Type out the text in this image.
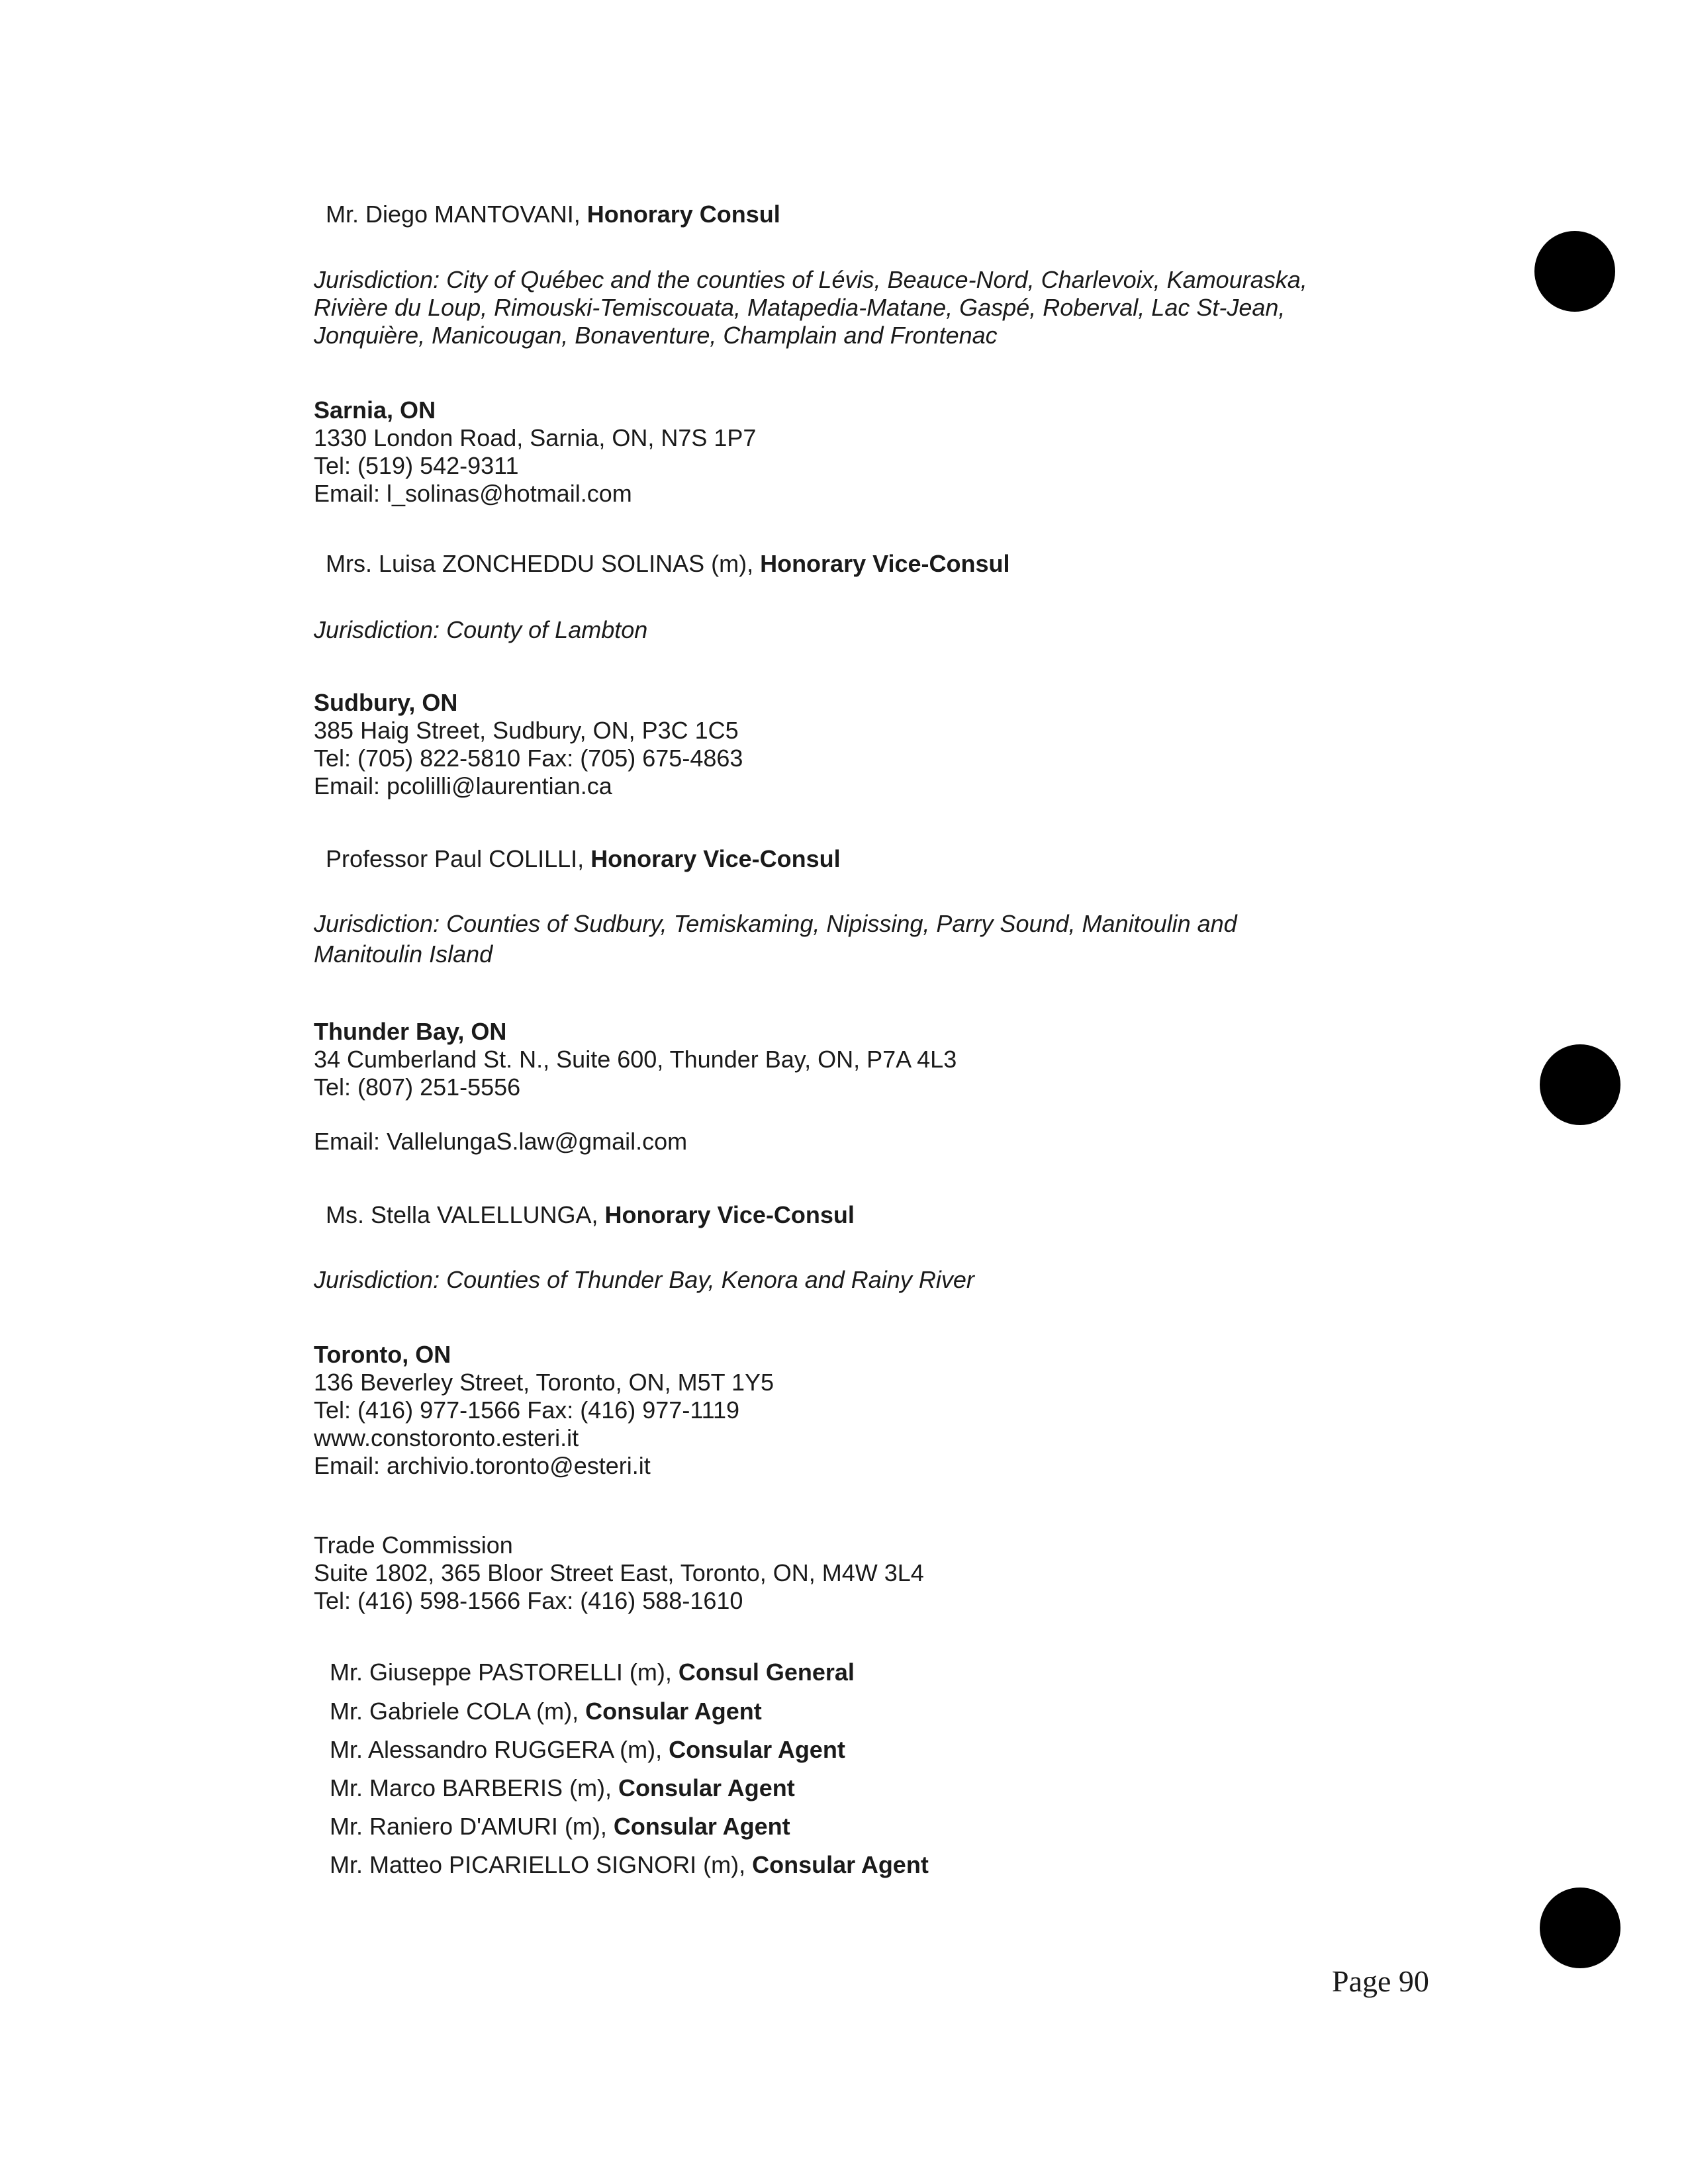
Mr. Diego MANTOVANI, Honorary Consul
Jurisdiction: City of Québec and the counties of Lévis, Beauce-Nord, Charlevoix, Kamouraska,
Rivière du Loup, Rimouski-Temiscouata, Matapedia-Matane, Gaspé, Roberval, Lac St-Jean,
Jonquière, Manicougan, Bonaventure, Champlain and Frontenac
Sarnia, ON
1330 London Road, Sarnia, ON, N7S 1P7
Tel: (519) 542-9311
Email: l_solinas@hotmail.com
Mrs. Luisa ZONCHEDDU SOLINAS (m), Honorary Vice-Consul
Jurisdiction: County of Lambton
Sudbury, ON
385 Haig Street, Sudbury, ON, P3C 1C5
Tel: (705) 822-5810 Fax: (705) 675-4863
Email: pcolilli@laurentian.ca
Professor Paul COLILLI, Honorary Vice-Consul
Jurisdiction: Counties of Sudbury, Temiskaming, Nipissing, Parry Sound, Manitoulin and
Manitoulin Island
Thunder Bay, ON
34 Cumberland St. N., Suite 600, Thunder Bay, ON, P7A 4L3
Tel: (807) 251-5556
Email: VallelungaS.law@gmail.com
Ms. Stella VALELLUNGA, Honorary Vice-Consul
Jurisdiction: Counties of Thunder Bay, Kenora and Rainy River
Toronto, ON
136 Beverley Street, Toronto, ON, M5T 1Y5
Tel: (416) 977-1566 Fax: (416) 977-1119
www.constoronto.esteri.it
Email: archivio.toronto@esteri.it
Trade Commission
Suite 1802, 365 Bloor Street East, Toronto, ON, M4W 3L4
Tel: (416) 598-1566 Fax: (416) 588-1610
Mr. Giuseppe PASTORELLI (m), Consul General
Mr. Gabriele COLA (m), Consular Agent
Mr. Alessandro RUGGERA (m), Consular Agent
Mr. Marco BARBERIS (m), Consular Agent
Mr. Raniero D'AMURI (m), Consular Agent
Mr. Matteo PICARIELLO SIGNORI (m), Consular Agent
Page 90
